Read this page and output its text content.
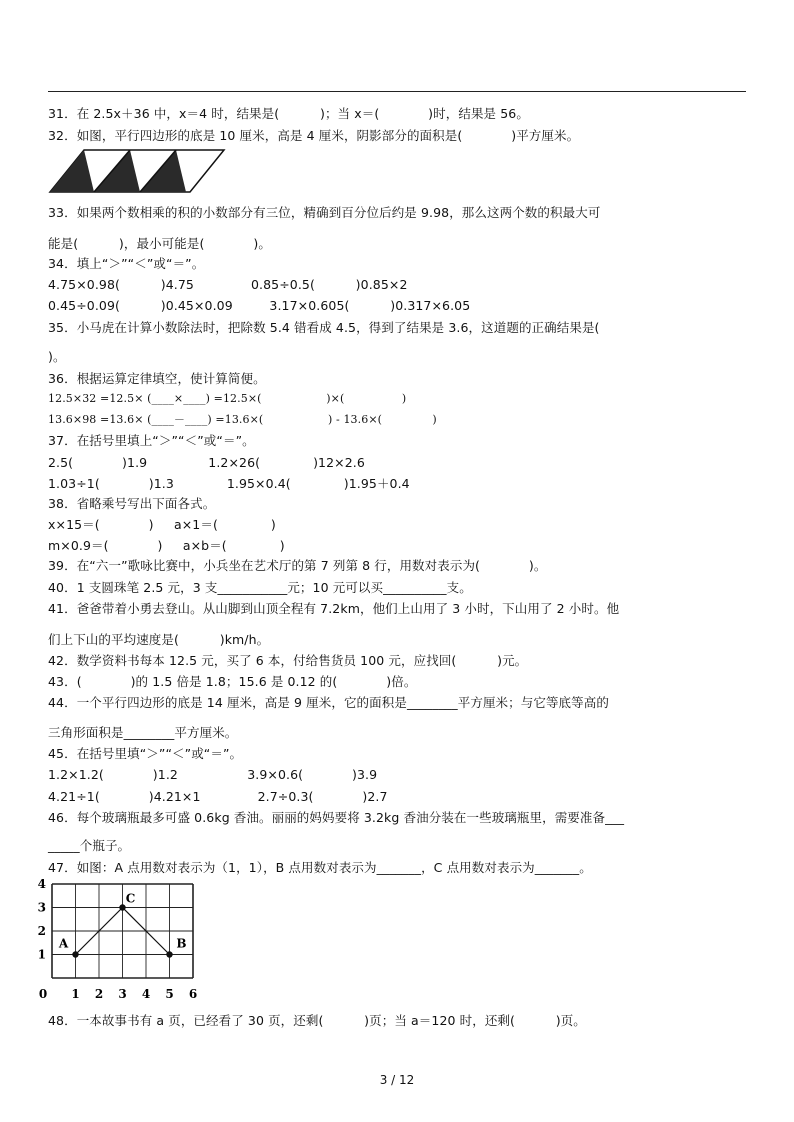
31．在 2.5x＋36 中，x＝4 时，结果是(          )；当 x＝(            )时，结果是 56。
32．如图，平行四边形的底是 10 厘米，高是 4 厘米，阴影部分的面积是(            )平方厘米。
33．如果两个数相乘的积的小数部分有三位，精确到百分位后约是 9.98，那么这两个数的积最大可
能是(          )，最小可能是(            )。
34．填上“＞”“＜”或“＝”。
4.75×0.98(          )4.75              0.85÷0.5(          )0.85×2
0.45÷0.09(          )0.45×0.09         3.17×0.605(          )0.317×6.05
35．小马虎在计算小数除法时，把除数 5.4 错看成 4.5，得到了结果是 3.6，这道题的正确结果是(
)。
36．根据运算定律填空，使计算简便。
12.5×32 =12.5× (____×____) =12.5×(                  )×(                )
13.6×98 =13.6× (____－____) =13.6×(                  ) - 13.6×(              )
37．在括号里填上“＞”“＜”或“＝”。
2.5(            )1.9               1.2×26(             )12×2.6
1.03÷1(            )1.3             1.95×0.4(             )1.95＋0.4
38．省略乘号写出下面各式。
x×15＝(            )     a×1＝(             )
m×0.9＝(            )     a×b＝(             )
39．在“六一”歌咏比赛中，小兵坐在艺术厅的第 7 列第 8 行，用数对表示为(            )。
40．1 支圆珠笔 2.5 元，3 支___________元；10 元可以买__________支。
41．爸爸带着小勇去登山。从山脚到山顶全程有 7.2km，他们上山用了 3 小时，下山用了 2 小时。他
们上下山的平均速度是(          )km/h。
42．数学资料书每本 12.5 元，买了 6 本，付给售货员 100 元，应找回(          )元。
43．(            )的 1.5 倍是 1.8；15.6 是 0.12 的(            )倍。
44．一个平行四边形的底是 14 厘米，高是 9 厘米，它的面积是________平方厘米；与它等底等高的
三角形面积是________平方厘米。
45．在括号里填“＞”“＜”或“＝”。
1.2×1.2(            )1.2                 3.9×0.6(            )3.9
4.21÷1(            )4.21×1              2.7÷0.3(            )2.7
46．每个玻璃瓶最多可盛 0.6kg 香油。丽丽的妈妈要将 3.2kg 香油分装在一些玻璃瓶里，需要准备___
_____个瓶子。
47．如图：A 点用数对表示为（1，1），B 点用数对表示为_______，C 点用数对表示为_______。
48．一本故事书有 a 页，已经看了 30 页，还剩(          )页；当 a＝120 时，还剩(          )页。
0 1 2 3 4 5 6
1
2
3
4
A	B
C
3 / 12
